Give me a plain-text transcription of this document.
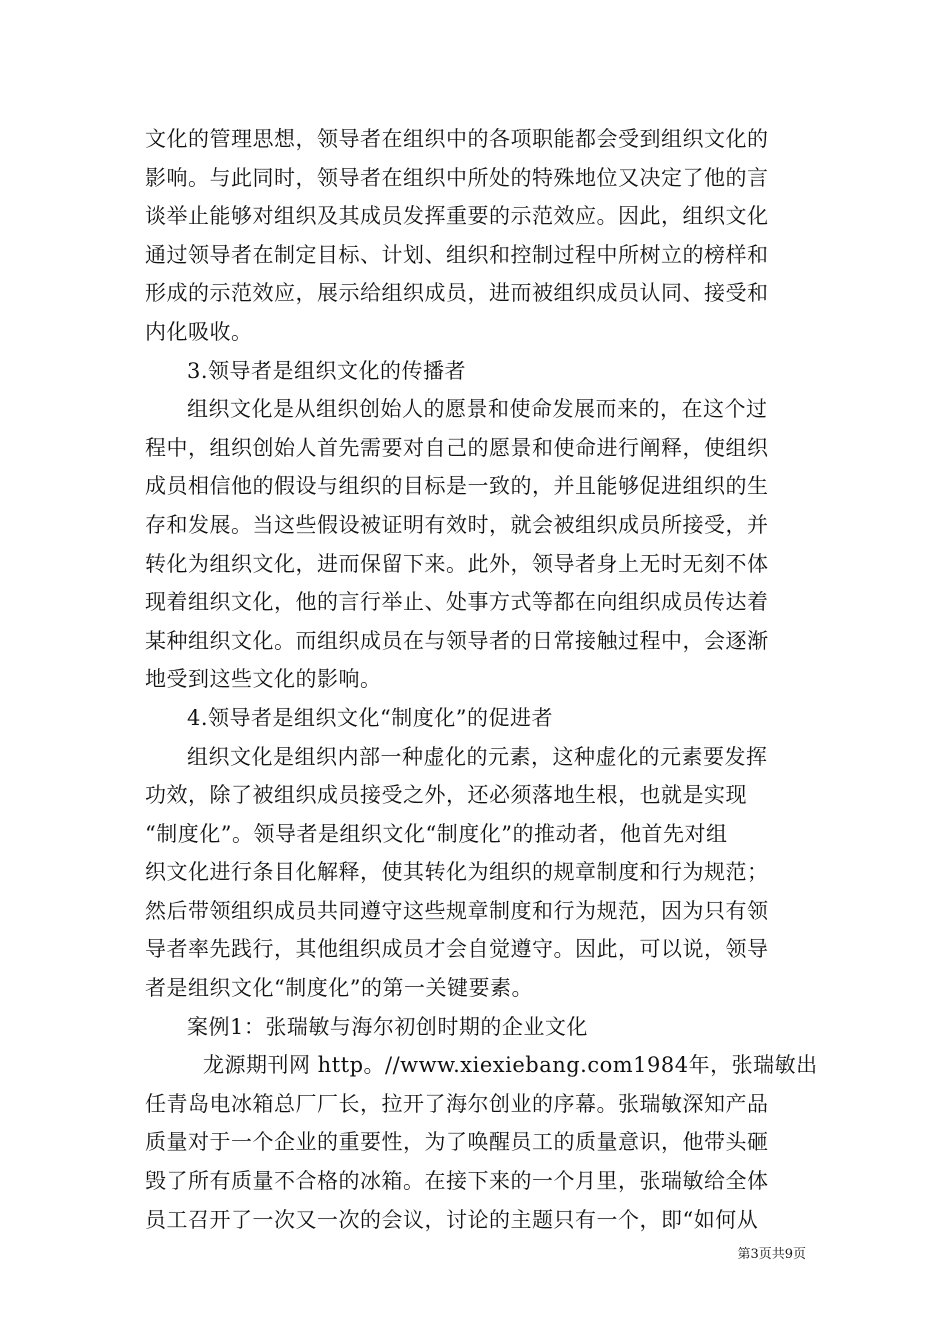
文化的管理思想，领导者在组织中的各项职能都会受到组织文化的
影响。与此同时，领导者在组织中所处的特殊地位又决定了他的言
谈举止能够对组织及其成员发挥重要的示范效应。因此，组织文化
通过领导者在制定目标、计划、组织和控制过程中所树立的榜样和
形成的示范效应，展示给组织成员，进而被组织成员认同、接受和
内化吸收。
3.领导者是组织文化的传播者
组织文化是从组织创始人的愿景和使命发展而来的，在这个过
程中，组织创始人首先需要对自己的愿景和使命进行阐释，使组织
成员相信他的假设与组织的目标是一致的，并且能够促进组织的生
存和发展。当这些假设被证明有效时，就会被组织成员所接受，并
转化为组织文化，进而保留下来。此外，领导者身上无时无刻不体
现着组织文化，他的言行举止、处事方式等都在向组织成员传达着
某种组织文化。而组织成员在与领导者的日常接触过程中，会逐渐
地受到这些文化的影响。
4.领导者是组织文化“制度化”的促进者
组织文化是组织内部一种虚化的元素，这种虚化的元素要发挥
功效，除了被组织成员接受之外，还必须落地生根，也就是实现
“制度化”。领导者是组织文化“制度化”的推动者，他首先对组
织文化进行条目化解释，使其转化为组织的规章制度和行为规范；
然后带领组织成员共同遵守这些规章制度和行为规范，因为只有领
导者率先践行，其他组织成员才会自觉遵守。因此，可以说，领导
者是组织文化“制度化”的第一关键要素。
案例1：张瑞敏与海尔初创时期的企业文化
龙源期刊网 http。//www.xiexiebang.com1984年，张瑞敏出
任青岛电冰箱总厂厂长，拉开了海尔创业的序幕。张瑞敏深知产品
质量对于一个企业的重要性，为了唤醒员工的质量意识，他带头砸
毁了所有质量不合格的冰箱。在接下来的一个月里，张瑞敏给全体
员工召开了一次又一次的会议，讨论的主题只有一个，即“如何从
第3页共9页
